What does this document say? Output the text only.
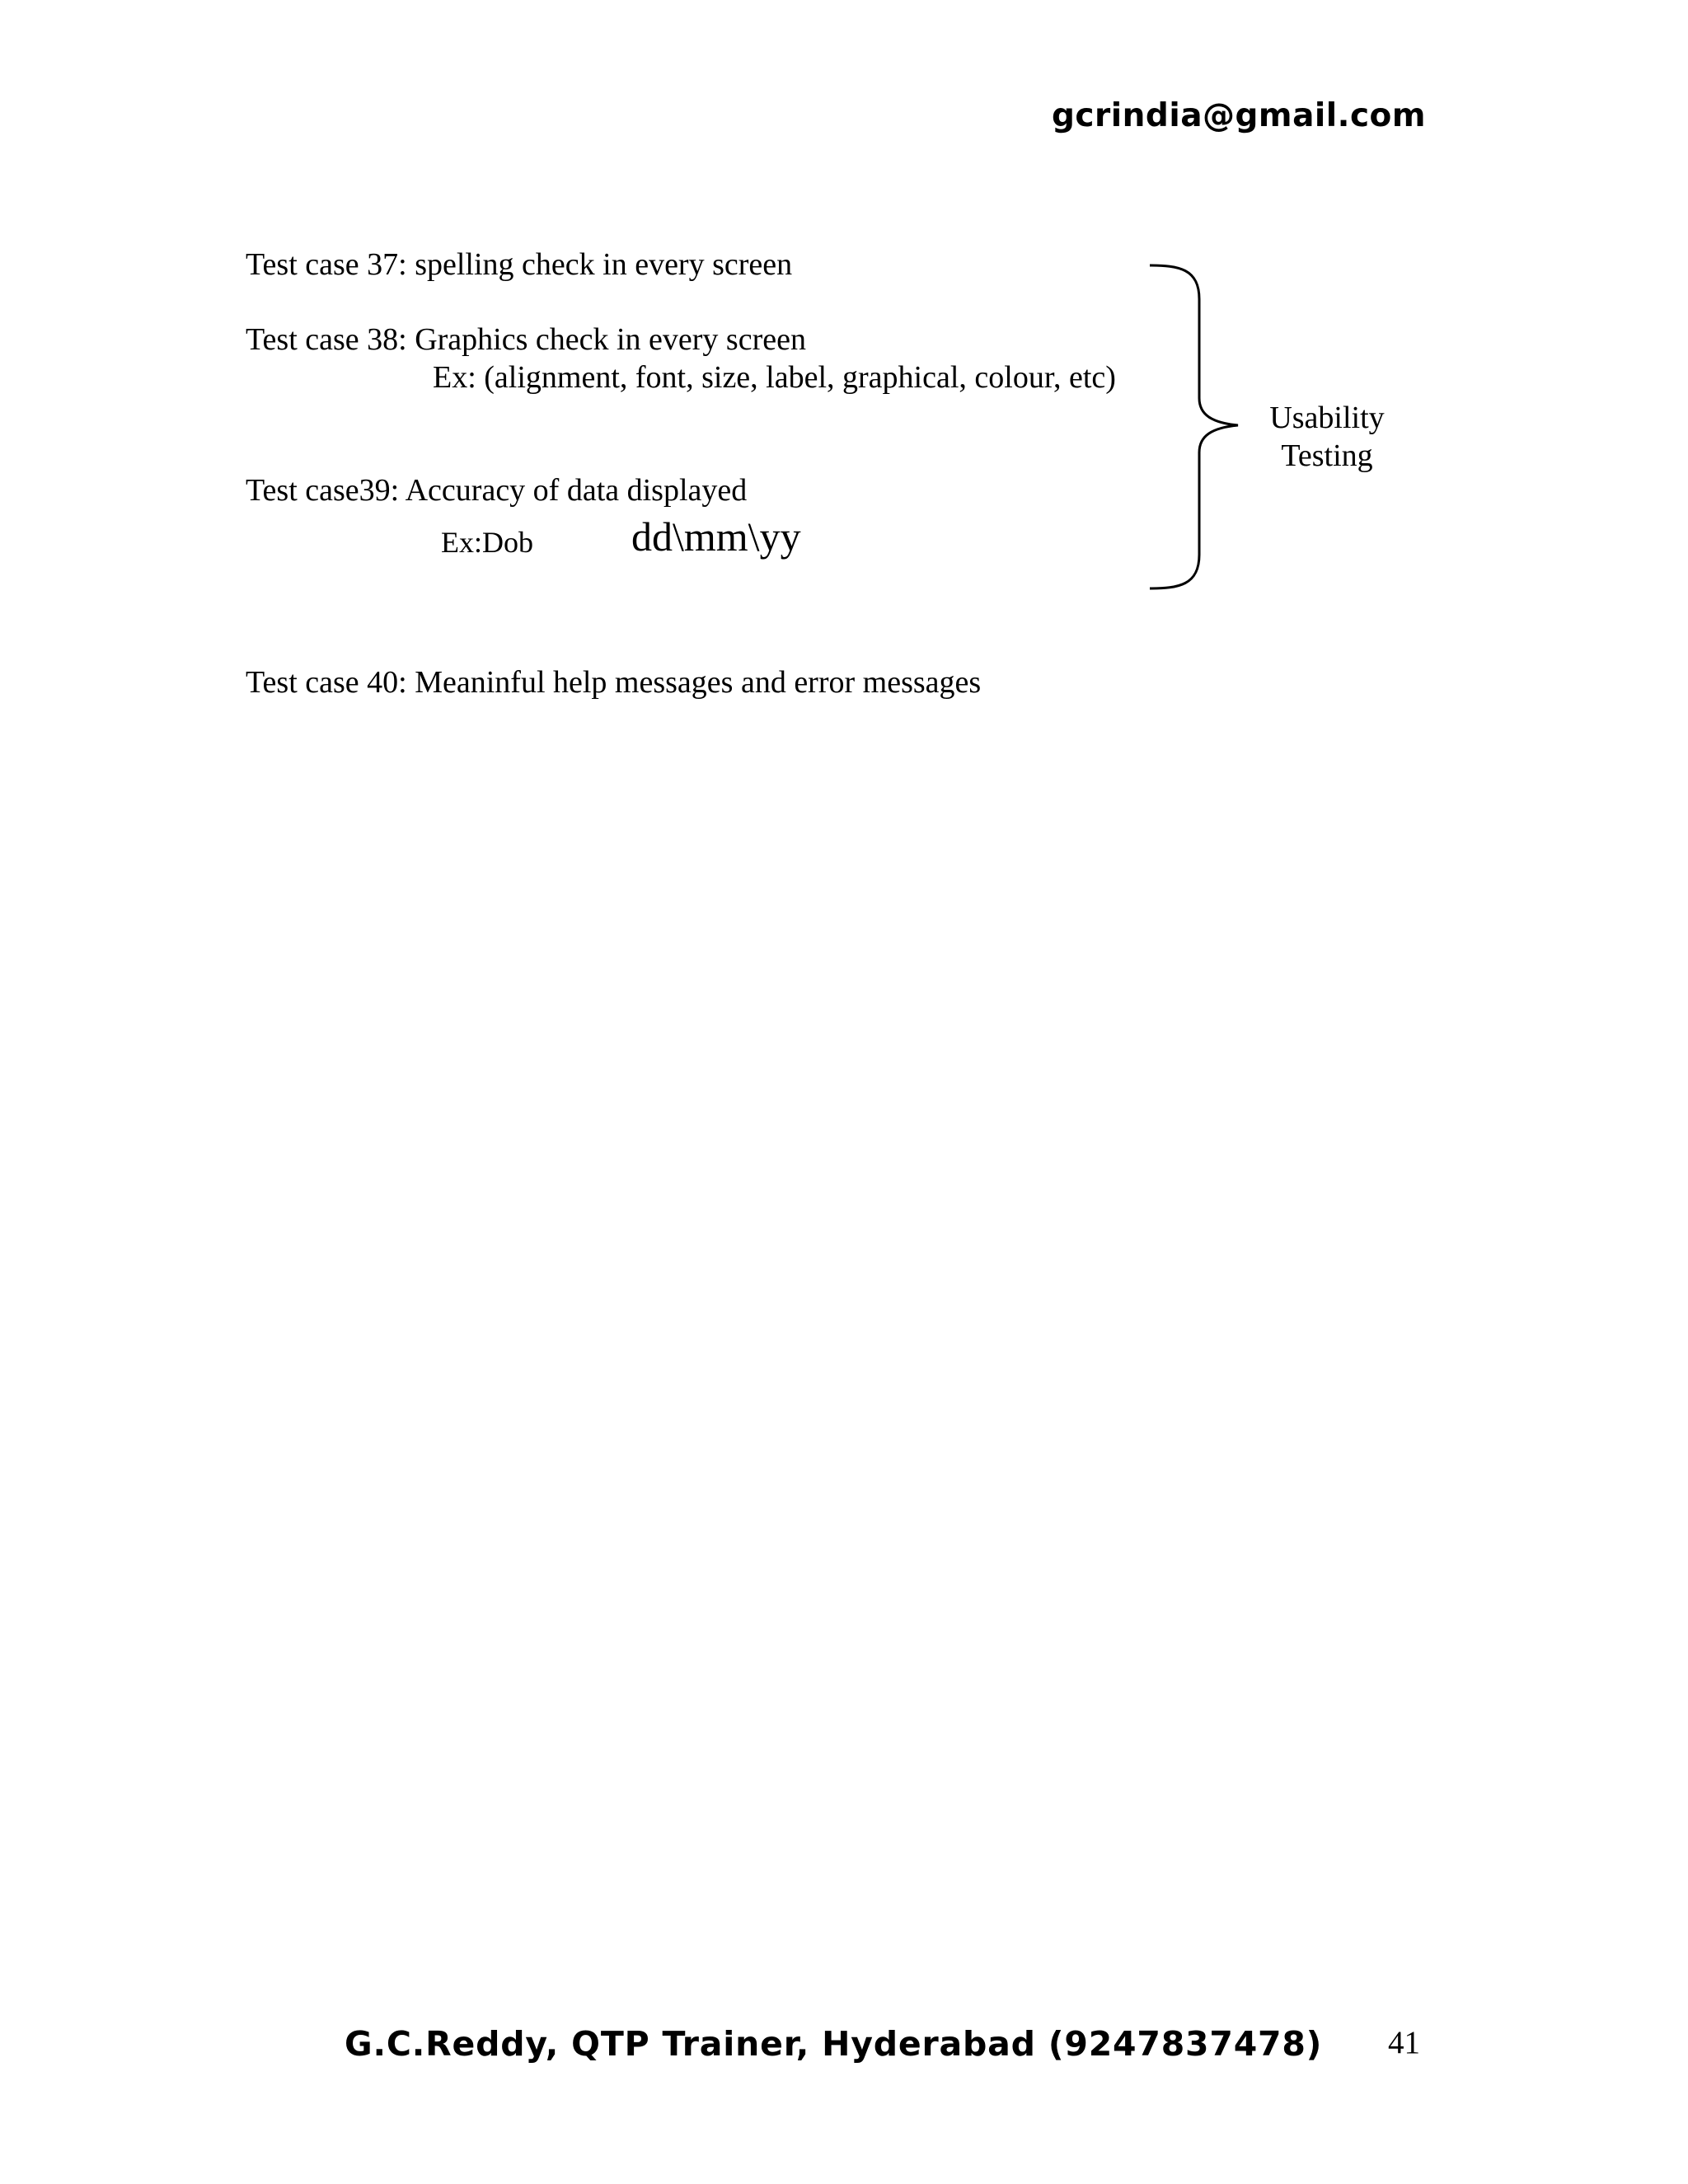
gcrindia@gmail.com
Test case 37: spelling check in every screen
Test case 38: Graphics check in every screen
Ex: (alignment, font, size, label, graphical, colour, etc)
Test case39: Accuracy of data displayed
Ex:Dob dd\mm\yy
Usability
Testing
Test case 40: Meaninful help messages and error messages
G.C.Reddy, QTP Trainer, Hyderabad (9247837478) 41
